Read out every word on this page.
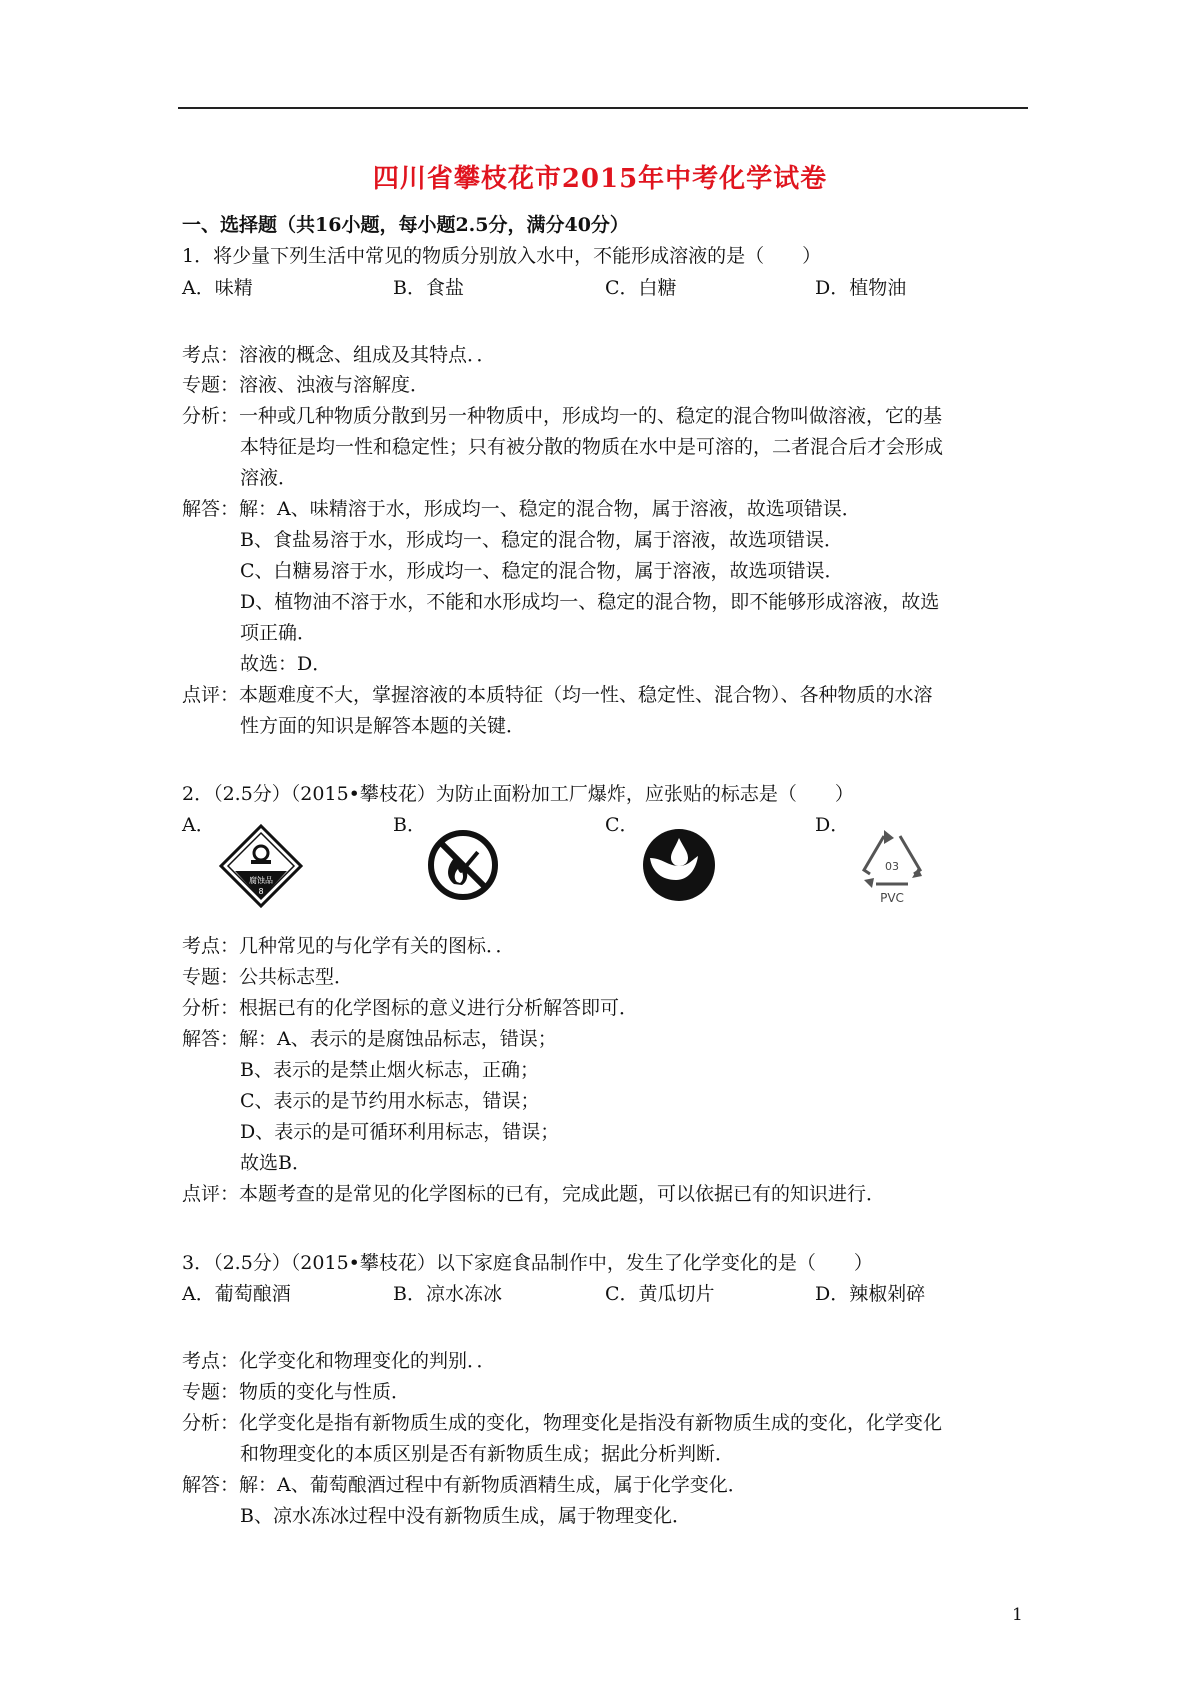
四川省攀枝花市2015年中考化学试卷
一、选择题（共16小题，每小题2.5分，满分40分）
1．将少量下列生活中常见的物质分别放入水中，不能形成溶液的是（　　）
A．味精	B．食盐	C．白糖	D．植物油
考点：溶液的概念、组成及其特点．．
专题：溶液、浊液与溶解度．
分析：一种或几种物质分散到另一种物质中，形成均一的、稳定的混合物叫做溶液，它的基
本特征是均一性和稳定性；只有被分散的物质在水中是可溶的，二者混合后才会形成
溶液．
解答：解：A、味精溶于水，形成均一、稳定的混合物，属于溶液，故选项错误．
B、食盐易溶于水，形成均一、稳定的混合物，属于溶液，故选项错误．
C、白糖易溶于水，形成均一、稳定的混合物，属于溶液，故选项错误．
D、植物油不溶于水，不能和水形成均一、稳定的混合物，即不能够形成溶液，故选
项正确．
故选：D．
点评：本题难度不大，掌握溶液的本质特征（均一性、稳定性、混合物）、各种物质的水溶
性方面的知识是解答本题的关键．
2．（2.5分）（2015•攀枝花）为防止面粉加工厂爆炸，应张贴的标志是（　　）
A．	B．	C．	D．
腐蚀品
8
03
PVC
考点：几种常见的与化学有关的图标．．
专题：公共标志型．
分析：根据已有的化学图标的意义进行分析解答即可．
解答：解：A、表示的是腐蚀品标志，错误；
B、表示的是禁止烟火标志，正确；
C、表示的是节约用水标志，错误；
D、表示的是可循环利用标志，错误；
故选B．
点评：本题考查的是常见的化学图标的已有，完成此题，可以依据已有的知识进行．
3．（2.5分）（2015•攀枝花）以下家庭食品制作中，发生了化学变化的是（　　）
A．葡萄酿酒	B．凉水冻冰	C．黄瓜切片	D．辣椒剁碎
考点：化学变化和物理变化的判别．．
专题：物质的变化与性质．
分析：化学变化是指有新物质生成的变化，物理变化是指没有新物质生成的变化，化学变化
和物理变化的本质区别是否有新物质生成；据此分析判断．
解答：解：A、葡萄酿酒过程中有新物质酒精生成，属于化学变化．
B、凉水冻冰过程中没有新物质生成，属于物理变化．
1
